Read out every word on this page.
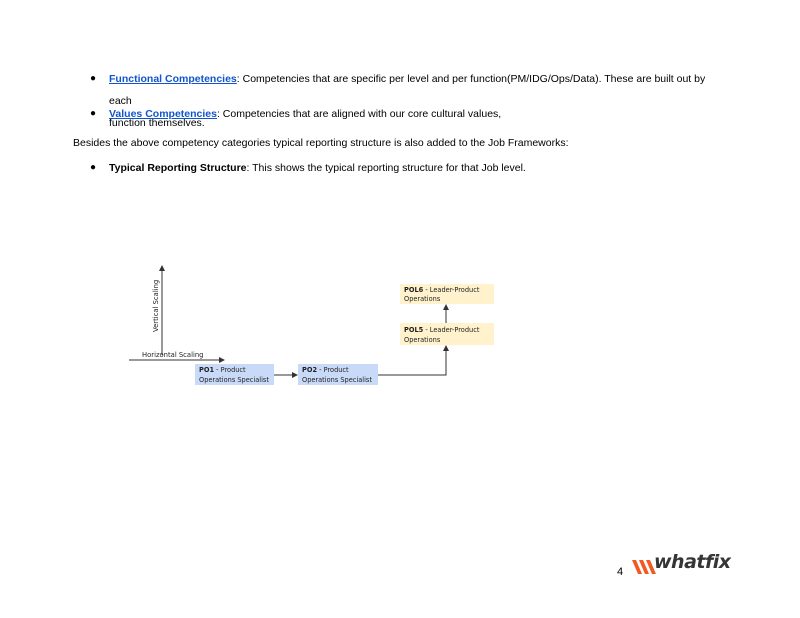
● Functional Competencies: Competencies that are specific per level and per function(PM/IDG/Ops/Data). These are built out by each
function themselves.
● Values Competencies: Competencies that are aligned with our core cultural values,
Besides the above competency categories typical reporting structure is also added to the Job Frameworks:
● Typical Reporting Structure: This shows the typical reporting structure for that Job level.
Vertical Scaling
Horizontal Scaling
PO1 - Product
Operations Specialist
PO2 - Product
Operations Specialist
POL5 - Leader-Product
Operations
POL6 - Leader-Product
Operations
4 whatfix
